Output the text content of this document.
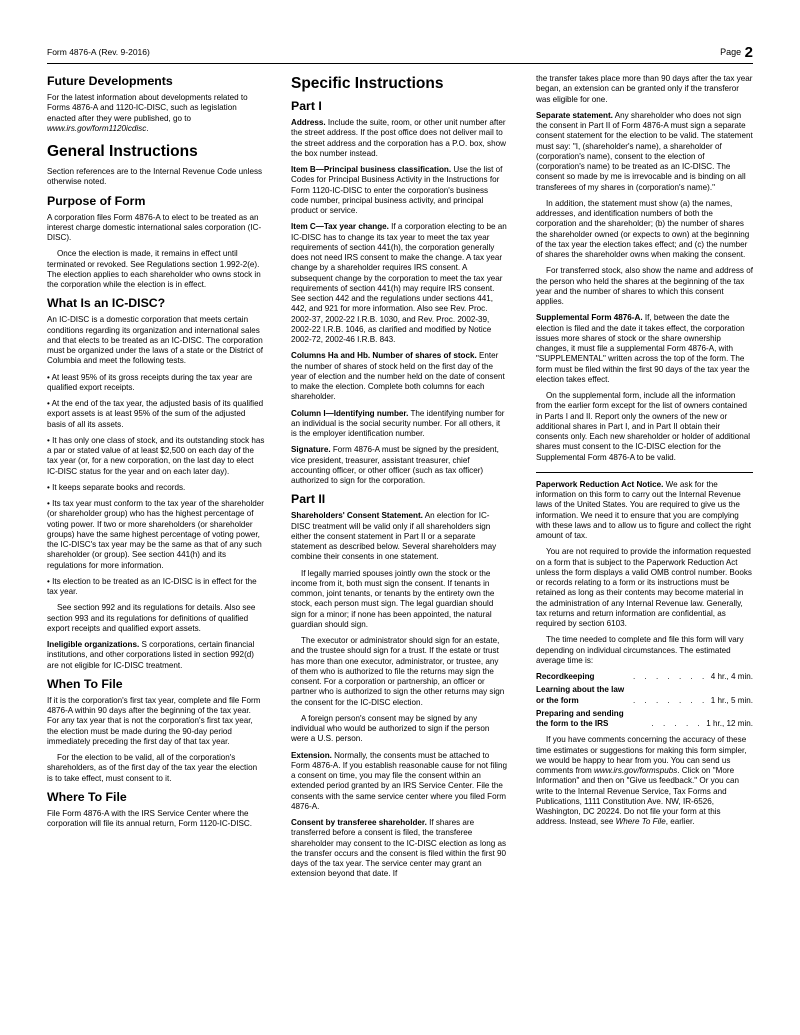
Form 4876-A (Rev. 9-2016)	Page 2
Future Developments

For the latest information about developments related to Forms 4876-A and 1120-IC-DISC, such as legislation enacted after they were published, go to www.irs.gov/form1120icdisc.

General Instructions

Section references are to the Internal Revenue Code unless otherwise noted.

Purpose of Form

A corporation files Form 4876-A to elect to be treated as an interest charge domestic international sales corporation (IC-DISC).

Once the election is made, it remains in effect until terminated or revoked. See Regulations section 1.992-2(e). The election applies to each shareholder who owns stock in the corporation while the election is in effect.

What Is an IC-DISC?

An IC-DISC is a domestic corporation that meets certain conditions regarding its organization and international sales and that elects to be treated as an IC-DISC. The corporation must be organized under the laws of a state or the District of Columbia and meet the following tests.

• At least 95% of its gross receipts during the tax year are qualified export receipts.

• At the end of the tax year, the adjusted basis of its qualified export assets is at least 95% of the sum of the adjusted basis of all its assets.

• It has only one class of stock, and its outstanding stock has a par or stated value of at least $2,500 on each day of the tax year (or, for a new corporation, on the last day to elect IC-DISC status for the year and on each later day).

• It keeps separate books and records.

• Its tax year must conform to the tax year of the shareholder (or shareholder group) who has the highest percentage of voting power. If two or more shareholders (or shareholder groups) have the same highest percentage of voting power, the IC-DISC's tax year may be the same as that of any such shareholder (or group). See section 441(h) and its regulations for more information.

• Its election to be treated as an IC-DISC is in effect for the tax year.

See section 992 and its regulations for details. Also see section 993 and its regulations for definitions of qualified export receipts and qualified export assets.

Ineligible organizations. S corporations, certain financial institutions, and other corporations listed in section 992(d) are not eligible for IC-DISC treatment.

When To File

If it is the corporation's first tax year, complete and file Form 4876-A within 90 days after the beginning of the tax year. For any tax year that is not the corporation's first tax year, the election must be made during the 90-day period immediately preceding the first day of that tax year.

For the election to be valid, all of the corporation's shareholders, as of the first day of the tax year the election is to take effect, must consent to it.

Where To File

File Form 4876-A with the IRS Service Center where the corporation will file its annual return, Form 1120-IC-DISC.

Specific Instructions
Part I

Address. Include the suite, room, or other unit number after the street address. If the post office does not deliver mail to the street address and the corporation has a P.O. box, show the box number instead.

Item B—Principal business classification. Use the list of Codes for Principal Business Activity in the Instructions for Form 1120-IC-DISC to enter the corporation's business code number, principal business activity, and principal product or service.

Item C—Tax year change. If a corporation electing to be an IC-DISC has to change its tax year to meet the tax year requirements of section 441(h), the corporation generally does not need IRS consent to make the change. A tax year change by a shareholder requires IRS consent. A subsequent change by the corporation to meet the tax year requirements of section 441(h) may require IRS consent. See section 442 and the regulations under sections 441, 442, and 921 for more information. Also see Rev. Proc. 2002-37, 2002-22 I.R.B. 1030, and Rev. Proc. 2002-39, 2002-22 I.R.B. 1046, as clarified and modified by Notice 2002-72, 2002-46 I.R.B. 843.

Columns Ha and Hb. Number of shares of stock. Enter the number of shares of stock held on the first day of the year of election and the number held on the date of consent to make the election. Complete both columns for each shareholder.

Column I—Identifying number. The identifying number for an individual is the social security number. For all others, it is the employer identification number.

Signature. Form 4876-A must be signed by the president, vice president, treasurer, assistant treasurer, chief accounting officer, or other officer (such as tax officer) authorized to sign for the corporation.

Part II

Shareholders' Consent Statement. An election for IC-DISC treatment will be valid only if all shareholders sign either the consent statement in Part II or a separate statement as described below. Several shareholders may combine their consents in one statement.

If legally married spouses jointly own the stock or the income from it, both must sign the consent. If tenants in common, joint tenants, or tenants by the entirety own the stock, each person must sign. The legal guardian should sign for a minor; if none has been appointed, the natural guardian should sign.

The executor or administrator should sign for an estate, and the trustee should sign for a trust. If the estate or trust has more than one executor, administrator, or trustee, any of them who is authorized to file the returns may sign the consent. For a corporation or partnership, an officer or partner who is authorized to sign the other returns may sign the consent for the IC-DISC election.

A foreign person's consent may be signed by any individual who would be authorized to sign if the person were a U.S. person.

Extension. Normally, the consents must be attached to Form 4876-A. If you establish reasonable cause for not filing a consent on time, you may file the consent within an extended period granted by an IRS Service Center. File the consents with the same service center where you filed Form 4876-A.

Consent by transferee shareholder. If shares are transferred before a consent is filed, the transferee shareholder may consent to the IC-DISC election as long as the transfer occurs and the consent is filed within the first 90 days of the tax year. The service center may grant an extension beyond that date. If

the transfer takes place more than 90 days after the tax year began, an extension can be granted only if the transferor was eligible for one.

Separate statement. Any shareholder who does not sign the consent in Part II of Form 4876-A must sign a separate consent statement for the election to be valid. The statement must say: "I, (shareholder's name), a shareholder of (corporation's name), consent to the election of (corporation's name) to be treated as an IC-DISC. The consent so made by me is irrevocable and is binding on all transferees of my shares in (corporation's name)."

In addition, the statement must show (a) the names, addresses, and identification numbers of both the corporation and the shareholder; (b) the number of shares the shareholder owned (or expects to own) at the beginning of the tax year the election takes effect; and (c) the number of shares the shareholder owns when making the consent.

For transferred stock, also show the name and address of the person who held the shares at the beginning of the tax year and the number of shares to which this consent applies.

Supplemental Form 4876-A. If, between the date the election is filed and the date it takes effect, the corporation issues more shares of stock or the share ownership changes, it must file a supplemental Form 4876-A, with "SUPPLEMENTAL" written across the top of the form. The form must be filed within the first 90 days of the tax year the election takes effect.

On the supplemental form, include all the information from the earlier form except for the list of owners contained in Parts I and II. Report only the owners of the new or additional shares in Part I, and in Part II obtain their consents only. Each new shareholder or holder of additional shares must consent to the IC-DISC election for the Supplemental Form 4876-A to be valid.

Paperwork Reduction Act Notice. We ask for the information on this form to carry out the Internal Revenue laws of the United States. You are required to give us the information. We need it to ensure that you are complying with these laws and to allow us to figure and collect the right amount of tax.

You are not required to provide the information requested on a form that is subject to the Paperwork Reduction Act unless the form displays a valid OMB control number. Books or records relating to a form or its instructions must be retained as long as their contents may become material in the administration of any Internal Revenue law. Generally, tax returns and return information are confidential, as required by section 6103.

The time needed to complete and file this form will vary depending on individual circumstances. The estimated average time is:

Recordkeeping	. . . . . . . 4 hr., 4 min.
Learning about the law
or the form	. . . . . . . 1 hr., 5 min.
Preparing and sending
the form to the IRS	. . . . . 1 hr., 12 min.

If you have comments concerning the accuracy of these time estimates or suggestions for making this form simpler, we would be happy to hear from you. You can send us comments from www.irs.gov/formspubs. Click on "More Information" and then on "Give us feedback." Or you can write to the Internal Revenue Service, Tax Forms and Publications, 1111 Constitution Ave. NW, IR-6526, Washington, DC 20224. Do not file your form at this address. Instead, see Where To File, earlier.
